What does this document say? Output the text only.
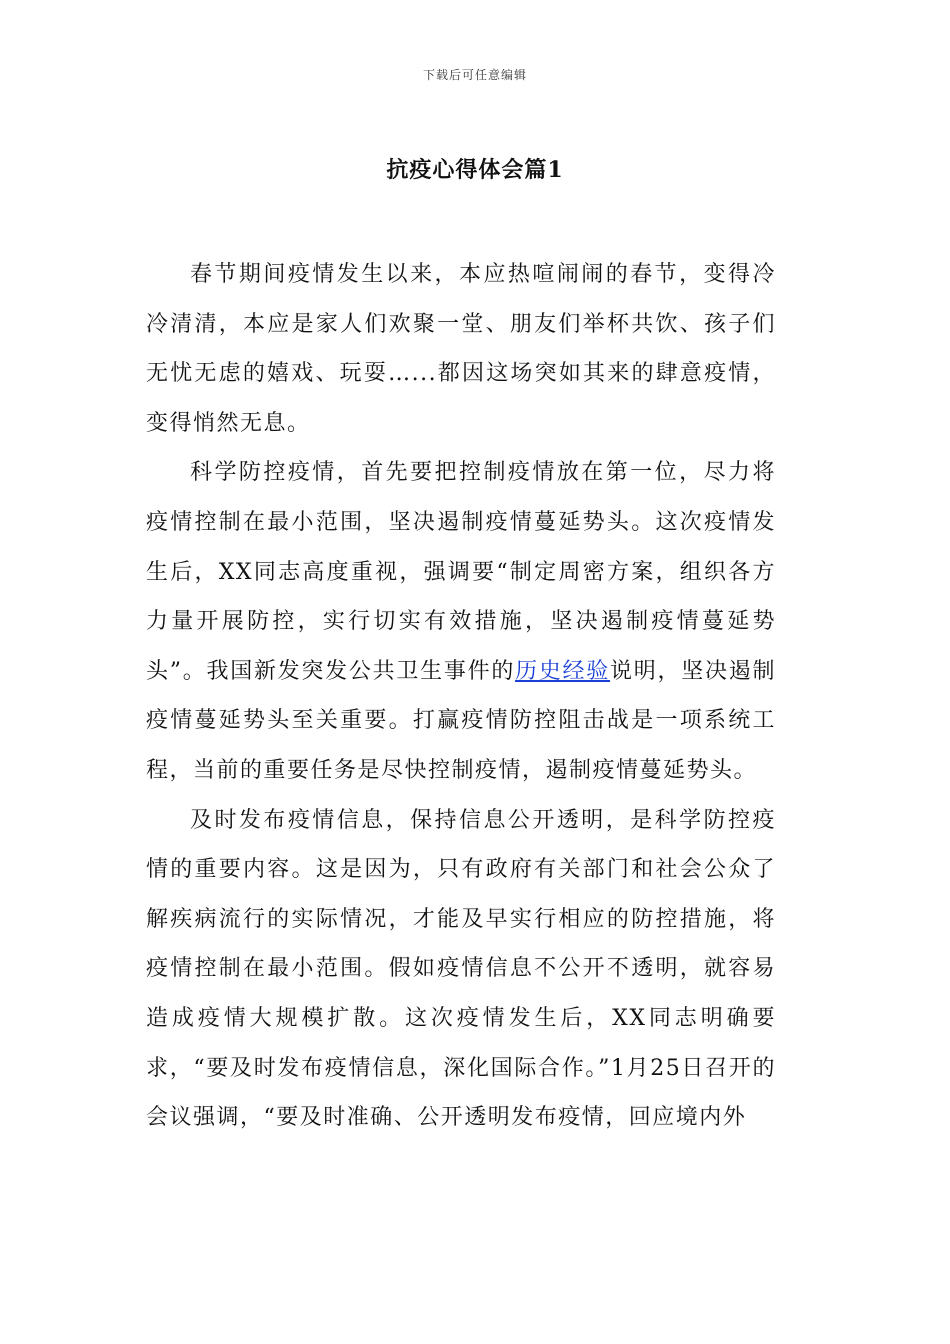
下载后可任意编辑
抗疫心得体会篇1

春节期间疫情发生以来，本应热喧闹闹的春节，变得冷冷清清，本应是家人们欢聚一堂、朋友们举杯共饮、孩子们无忧无虑的嬉戏、玩耍…...都因这场突如其来的肆意疫情，变得悄然无息。

科学防控疫情，首先要把控制疫情放在第一位，尽力将疫情控制在最小范围，坚决遏制疫情蔓延势头。这次疫情发生后，XX同志高度重视，强调要“制定周密方案，组织各方力量开展防控，实行切实有效措施，坚决遏制疫情蔓延势头”。我国新发突发公共卫生事件的历史经验说明，坚决遏制疫情蔓延势头至关重要。打赢疫情防控阻击战是一项系统工程，当前的重要任务是尽快控制疫情，遏制疫情蔓延势头。

及时发布疫情信息，保持信息公开透明，是科学防控疫情的重要内容。这是因为，只有政府有关部门和社会公众了解疾病流行的实际情况，才能及早实行相应的防控措施，将疫情控制在最小范围。假如疫情信息不公开不透明，就容易造成疫情大规模扩散。这次疫情发生后，XX同志明确要求，“要及时发布疫情信息，深化国际合作。”1月25日召开的会议强调，“要及时准确、公开透明发布疫情，回应境内外
